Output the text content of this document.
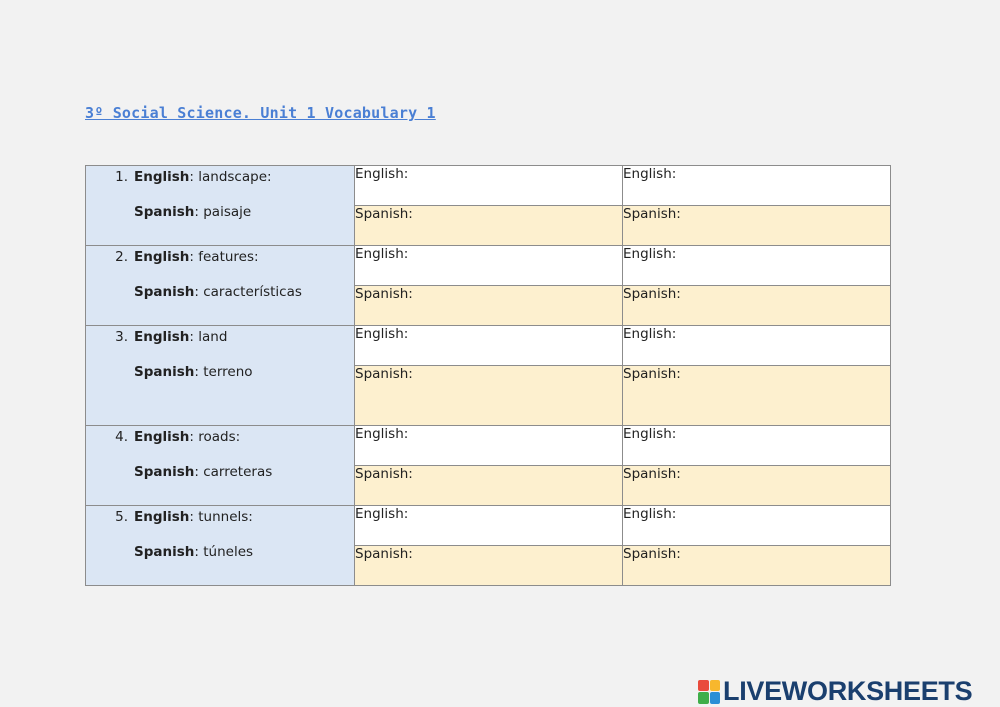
3º Social Science. Unit 1 Vocabulary 1
1. English: landscape:
Spanish: paisaje	English:	English:
	Spanish:	Spanish:

2. English: features:
Spanish: características	English:	English:
	Spanish:	Spanish:

3. English: land
Spanish: terreno	English:	English:
	Spanish:	Spanish:

4. English: roads:
Spanish: carreteras	English:	English:
	Spanish:	Spanish:

5. English: tunnels:
Spanish: túneles	English:	English:
	Spanish:	Spanish:
LIVEWORKSHEETS
